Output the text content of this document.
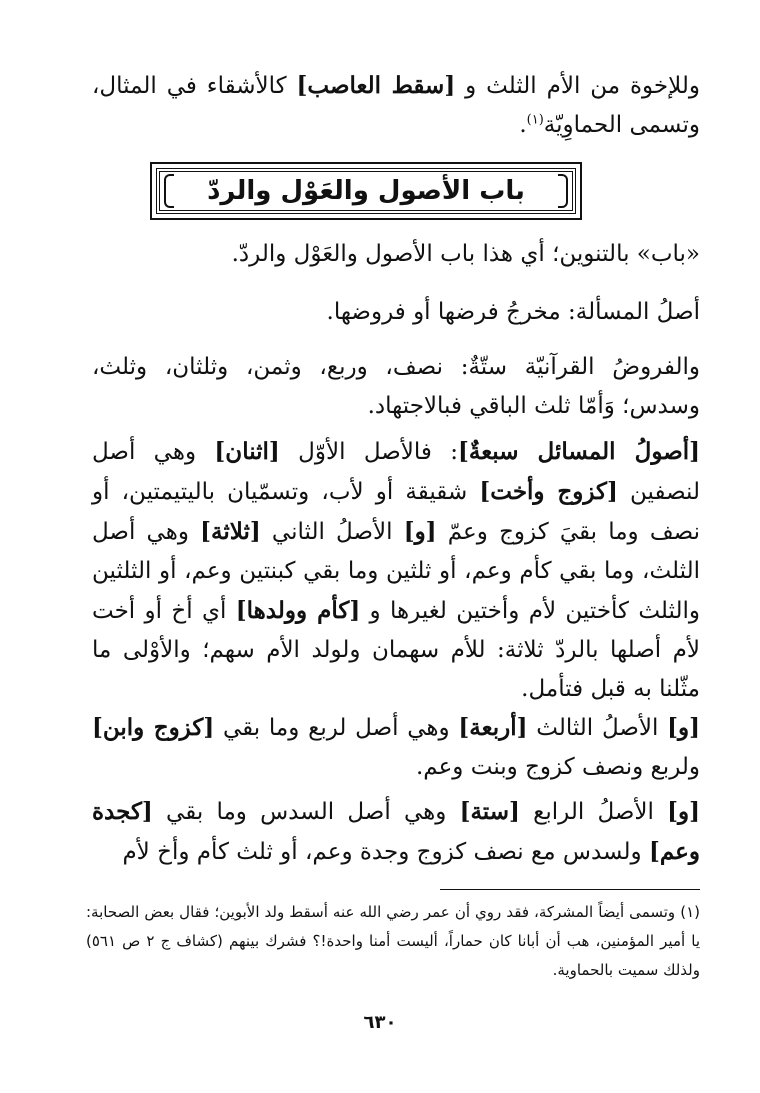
وللإخوة من الأم الثلث و [سقط العاصب] كالأشقاء في المثال، وتسمى الحماوِيّة$^{(١)}$.
باب الأصول والعَوْل والردّ
«باب» بالتنوين؛ أي هذا باب الأصول والعَوْل والردّ.
أصلُ المسألة: مخرجُ فرضها أو فروضها.
والفروضُ القرآنيّة ستّةٌ: نصف، وربع، وثمن، وثلثان، وثلث، وسدس؛ وَأمّا ثلث الباقي فبالاجتهاد.
[أصولُ المسائل سبعةٌ]: فالأصل الأوّل [اثنان] وهي أصل لنصفين [كزوج وأخت] شقيقة أو لأب، وتسمّيان باليتيمتين، أو نصف وما بقيَ كزوج وعمّ [و] الأصلُ الثاني [ثلاثة] وهي أصل الثلث، وما بقي كأم وعم، أو ثلثين وما بقي كبنتين وعم، أو الثلثين والثلث كأختين لأم وأختين لغيرها و [كأم وولدها] أي أخ أو أخت لأم أصلها بالردّ ثلاثة: للأم سهمان ولولد الأم سهم؛ والأوْلى ما مثّلنا به قبل فتأمل.
[و] الأصلُ الثالث [أربعة] وهي أصل لربع وما بقي [كزوج وابن] ولربع ونصف كزوج وبنت وعم.
[و] الأصلُ الرابع [ستة] وهي أصل السدس وما بقي [كجدة وعم] ولسدس مع نصف كزوج وجدة وعم، أو ثلث كأم وأخ لأم
(١) وتسمى أيضاً المشركة، فقد روي أن عمر رضي الله عنه أسقط ولد الأبوين؛ فقال بعض الصحابة: يا أمير المؤمنين، هب أن أبانا كان حماراً، أليست أمنا واحدة!؟ فشرك بينهم (كشاف ج ٢ ص ٥٦١) ولذلك سميت بالحماوية.
٦٣٠
